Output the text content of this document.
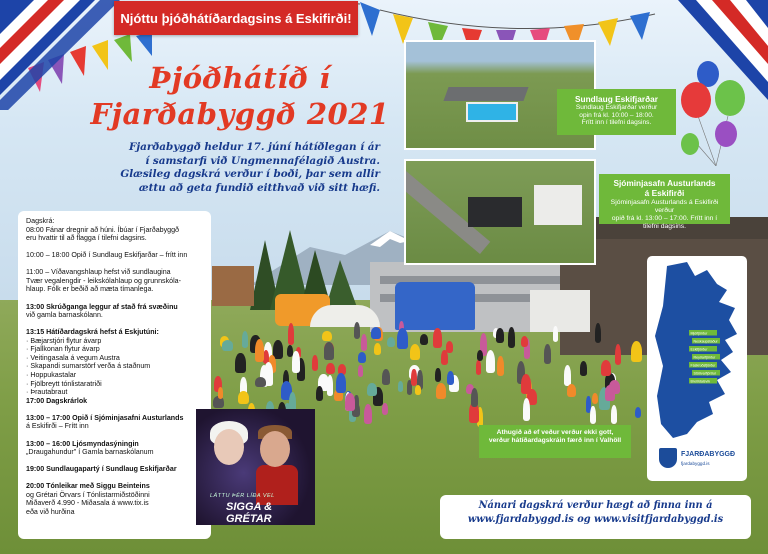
Njóttu þjóðhátíðardagsins á Eskifirði!
Þjóðhátíð í
Fjarðabyggð 2021
Fjarðabyggð heldur 17. júní hátíðlegan í ár
í samstarfi við Ungmennafélagið Austra.
Glæsileg dagskrá verður í boði, þar sem allir
ættu að geta fundið eitthvað við sitt hæfi.

Dagskrá:

08:00 Fánar dregnir að húni. Íbúar í Fjarðabyggð
eru hvattir til að flagga í tilefni dagsins.

10:00 – 18:00 Opið í Sundlaug Eskifjarðar – frítt inn

11:00 – Víðavangshlaup hefst við sundlaugina
Tvær vegalengdir - leikskólahlaup og grunnskóla-
hlaup. Fólk er beðið að mæta tímanlega.

13:00 Skrúðganga leggur af stað frá svæðinu
við gamla barnaskólann.

13:15 Hátíðardagskrá hefst á Eskjutúni:
· Bæjarstjóri flytur ávarp
· Fjallkonan flytur ávarp
· Veitingasala á vegum Austra
· Skapandi sumarstörf verða á staðnum
· Hoppukastalar
· Fjölbreytt tónlistaratriði
· Þrautabraut
17:00 Dagskrárlok

13:00 – 17:00 Opið í Sjóminjasafni Austurlands
á Eskifirði – Frítt inn

13:00 – 16:00 Ljósmyndasýningin
„Draugahundur" í Gamla barnaskólanum

19:00 Sundlaugapartý í Sundlaug Eskifjarðar

20:00 Tónleikar með Siggu Beinteins
og Grétari Örvars í Tónlistarmiðstöðinni
Miðaverð 4.990 - Miðasala á www.tix.is
eða við hurðina

Sundlaug Eskifjarðar
Sundlaug Eskifjarðar verður
opin frá kl. 10:00 – 18:00.
Frítt inn í tilefni dagsins.
Sjóminjasafn Austurlands
á Eskifirði
Sjóminjasafn Austurlands á Eskifirði verður
opið frá kl. 13:00 – 17:00. Frítt inn í tilefni dagsins.
Mjóifjörður
Neskaupstaður
Eskifjörður
Reyðarfjörður
Fáskrúðsfjörður
Stöðvarfjörður
Breiðdalsvík
FJARÐABYGGÐ
fjardabyggd.is
LÁTTU ÞÉR LÍÐA VEL
SIGGA & GRÉTAR
Athugið að ef veður verður ekki gott,
verður hátíðardagskráin færð inn í Valhöll
Nánari dagskrá verður hægt að finna inn á
www.fjardabyggd.is og www.visitfjardabyggd.is
